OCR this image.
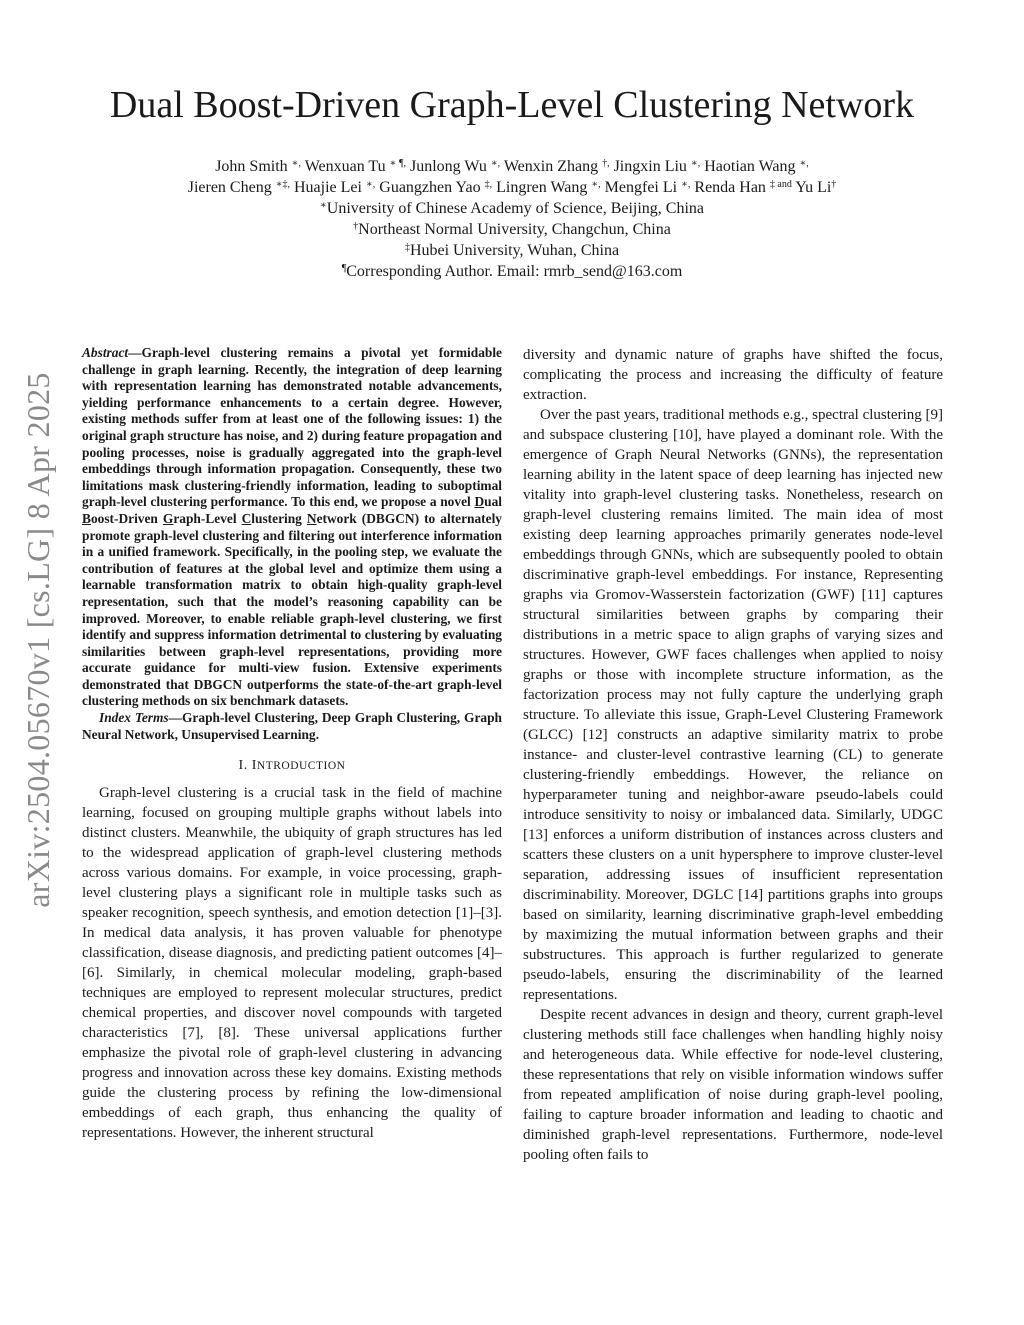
Dual Boost-Driven Graph-Level Clustering Network
John Smith ∗, Wenxuan Tu ∗ ¶, Junlong Wu ∗, Wenxin Zhang †, Jingxin Liu ∗, Haotian Wang ∗,
Jieren Cheng ∗‡, Huajie Lei ∗, Guangzhen Yao ‡, Lingren Wang ∗, Mengfei Li ∗, Renda Han $^{\ddagger and}$ Yu Li†
∗University of Chinese Academy of Science, Beijing, China
†Northeast Normal University, Changchun, China
‡Hubei University, Wuhan, China
¶Corresponding Author. Email: rmrb_send@163.com
arXiv:2504.05670v1 [cs.LG] 8 Apr 2025

Abstract—Graph-level clustering remains a pivotal yet formidable challenge in graph learning. Recently, the integration of deep learning with representation learning has demonstrated notable advancements, yielding performance enhancements to a certain degree. However, existing methods suffer from at least one of the following issues: 1) the original graph structure has noise, and 2) during feature propagation and pooling processes, noise is gradually aggregated into the graph-level embeddings through information propagation. Consequently, these two limitations mask clustering-friendly information, leading to suboptimal graph-level clustering performance. To this end, we propose a novel Dual Boost-Driven Graph-Level Clustering Network (DBGCN) to alternately promote graph-level clustering and filtering out interference information in a unified framework. Specifically, in the pooling step, we evaluate the contribution of features at the global level and optimize them using a learnable transformation matrix to obtain high-quality graph-level representation, such that the model’s reasoning capability can be improved. Moreover, to enable reliable graph-level clustering, we first identify and suppress information detrimental to clustering by evaluating similarities between graph-level representations, providing more accurate guidance for multi-view fusion. Extensive experiments demonstrated that DBGCN outperforms the state-of-the-art graph-level clustering methods on six benchmark datasets.

Index Terms—Graph-level Clustering, Deep Graph Clustering, Graph Neural Network, Unsupervised Learning.

I. INTRODUCTION

Graph-level clustering is a crucial task in the field of machine learning, focused on grouping multiple graphs without labels into distinct clusters. Meanwhile, the ubiquity of graph structures has led to the widespread application of graph-level clustering methods across various domains. For example, in voice processing, graph-level clustering plays a significant role in multiple tasks such as speaker recognition, speech synthesis, and emotion detection [1]–[3]. In medical data analysis, it has proven valuable for phenotype classification, disease diagnosis, and predicting patient outcomes [4]–[6]. Similarly, in chemical molecular modeling, graph-based techniques are employed to represent molecular structures, predict chemical properties, and discover novel compounds with targeted characteristics [7], [8]. These universal applications further emphasize the pivotal role of graph-level clustering in advancing progress and innovation across these key domains. Existing methods guide the clustering process by refining the low-dimensional embeddings of each graph, thus enhancing the quality of representations. However, the inherent structural

diversity and dynamic nature of graphs have shifted the focus, complicating the process and increasing the difficulty of feature extraction.

Over the past years, traditional methods e.g., spectral clustering [9] and subspace clustering [10], have played a dominant role. With the emergence of Graph Neural Networks (GNNs), the representation learning ability in the latent space of deep learning has injected new vitality into graph-level clustering tasks. Nonetheless, research on graph-level clustering remains limited. The main idea of most existing deep learning approaches primarily generates node-level embeddings through GNNs, which are subsequently pooled to obtain discriminative graph-level embeddings. For instance, Representing graphs via Gromov-Wasserstein factorization (GWF) [11] captures structural similarities between graphs by comparing their distributions in a metric space to align graphs of varying sizes and structures. However, GWF faces challenges when applied to noisy graphs or those with incomplete structure information, as the factorization process may not fully capture the underlying graph structure. To alleviate this issue, Graph-Level Clustering Framework (GLCC) [12] constructs an adaptive similarity matrix to probe instance- and cluster-level contrastive learning (CL) to generate clustering-friendly embeddings. However, the reliance on hyperparameter tuning and neighbor-aware pseudo-labels could introduce sensitivity to noisy or imbalanced data. Similarly, UDGC [13] enforces a uniform distribution of instances across clusters and scatters these clusters on a unit hypersphere to improve cluster-level separation, addressing issues of insufficient representation discriminability. Moreover, DGLC [14] partitions graphs into groups based on similarity, learning discriminative graph-level embedding by maximizing the mutual information between graphs and their substructures. This approach is further regularized to generate pseudo-labels, ensuring the discriminability of the learned representations.

Despite recent advances in design and theory, current graph-level clustering methods still face challenges when handling highly noisy and heterogeneous data. While effective for node-level clustering, these representations that rely on visible information windows suffer from repeated amplification of noise during graph-level pooling, failing to capture broader information and leading to chaotic and diminished graph-level representations. Furthermore, node-level pooling often fails to
